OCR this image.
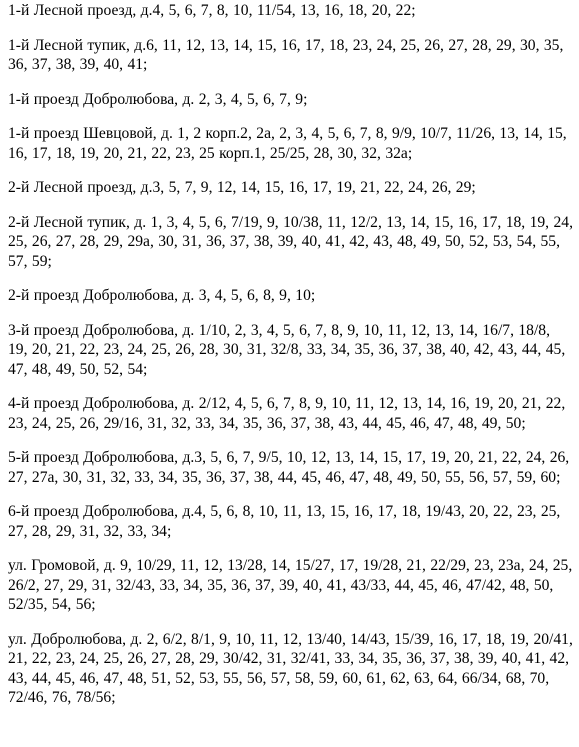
1-й Лесной проезд, д.4, 5, 6, 7, 8, 10, 11/54, 13, 16, 18, 20, 22;

1-й Лесной тупик, д.6, 11, 12, 13, 14, 15, 16, 17, 18, 23, 24, 25, 26, 27, 28, 29, 30, 35, 36, 37, 38, 39, 40, 41;

1-й проезд Добролюбова, д. 2, 3, 4, 5, 6, 7, 9;

1-й проезд Шевцовой, д. 1, 2 корп.2, 2а, 2, 3, 4, 5, 6, 7, 8, 9/9, 10/7, 11/26, 13, 14, 15, 16, 17, 18, 19, 20, 21, 22, 23, 25 корп.1, 25/25, 28, 30, 32, 32а;

2-й Лесной проезд, д.3, 5, 7, 9, 12, 14, 15, 16, 17, 19, 21, 22, 24, 26, 29;

2-й Лесной тупик, д. 1, 3, 4, 5, 6, 7/19, 9, 10/38, 11, 12/2, 13, 14, 15, 16, 17, 18, 19, 24, 25, 26, 27, 28, 29, 29а, 30, 31, 36, 37, 38, 39, 40, 41, 42, 43, 48, 49, 50, 52, 53, 54, 55, 57, 59;

2-й проезд Добролюбова, д. 3, 4, 5, 6, 8, 9, 10;

3-й проезд Добролюбова, д. 1/10, 2, 3, 4, 5, 6, 7, 8, 9, 10, 11, 12, 13, 14, 16/7, 18/8, 19, 20, 21, 22, 23, 24, 25, 26, 28, 30, 31, 32/8, 33, 34, 35, 36, 37, 38, 40, 42, 43, 44, 45, 47, 48, 49, 50, 52, 54;

4-й проезд Добролюбова, д. 2/12, 4, 5, 6, 7, 8, 9, 10, 11, 12, 13, 14, 16, 19, 20, 21, 22, 23, 24, 25, 26, 29/16, 31, 32, 33, 34, 35, 36, 37, 38, 43, 44, 45, 46, 47, 48, 49, 50;

5-й проезд Добролюбова, д.3, 5, 6, 7, 9/5, 10, 12, 13, 14, 15, 17, 19, 20, 21, 22, 24, 26, 27, 27а, 30, 31, 32, 33, 34, 35, 36, 37, 38, 44, 45, 46, 47, 48, 49, 50, 55, 56, 57, 59, 60;

6-й проезд Добролюбова, д.4, 5, 6, 8, 10, 11, 13, 15, 16, 17, 18, 19/43, 20, 22, 23, 25, 27, 28, 29, 31, 32, 33, 34;

ул. Громовой, д. 9, 10/29, 11, 12, 13/28, 14, 15/27, 17, 19/28, 21, 22/29, 23, 23а, 24, 25, 26/2, 27, 29, 31, 32/43, 33, 34, 35, 36, 37, 39, 40, 41, 43/33, 44, 45, 46, 47/42, 48, 50, 52/35, 54, 56;

ул. Добролюбова, д. 2, 6/2, 8/1, 9, 10, 11, 12, 13/40, 14/43, 15/39, 16, 17, 18, 19, 20/41, 21, 22, 23, 24, 25, 26, 27, 28, 29, 30/42, 31, 32/41, 33, 34, 35, 36, 37, 38, 39, 40, 41, 42, 43, 44, 45, 46, 47, 48, 51, 52, 53, 55, 56, 57, 58, 59, 60, 61, 62, 63, 64, 66/34, 68, 70, 72/46, 76, 78/56;
